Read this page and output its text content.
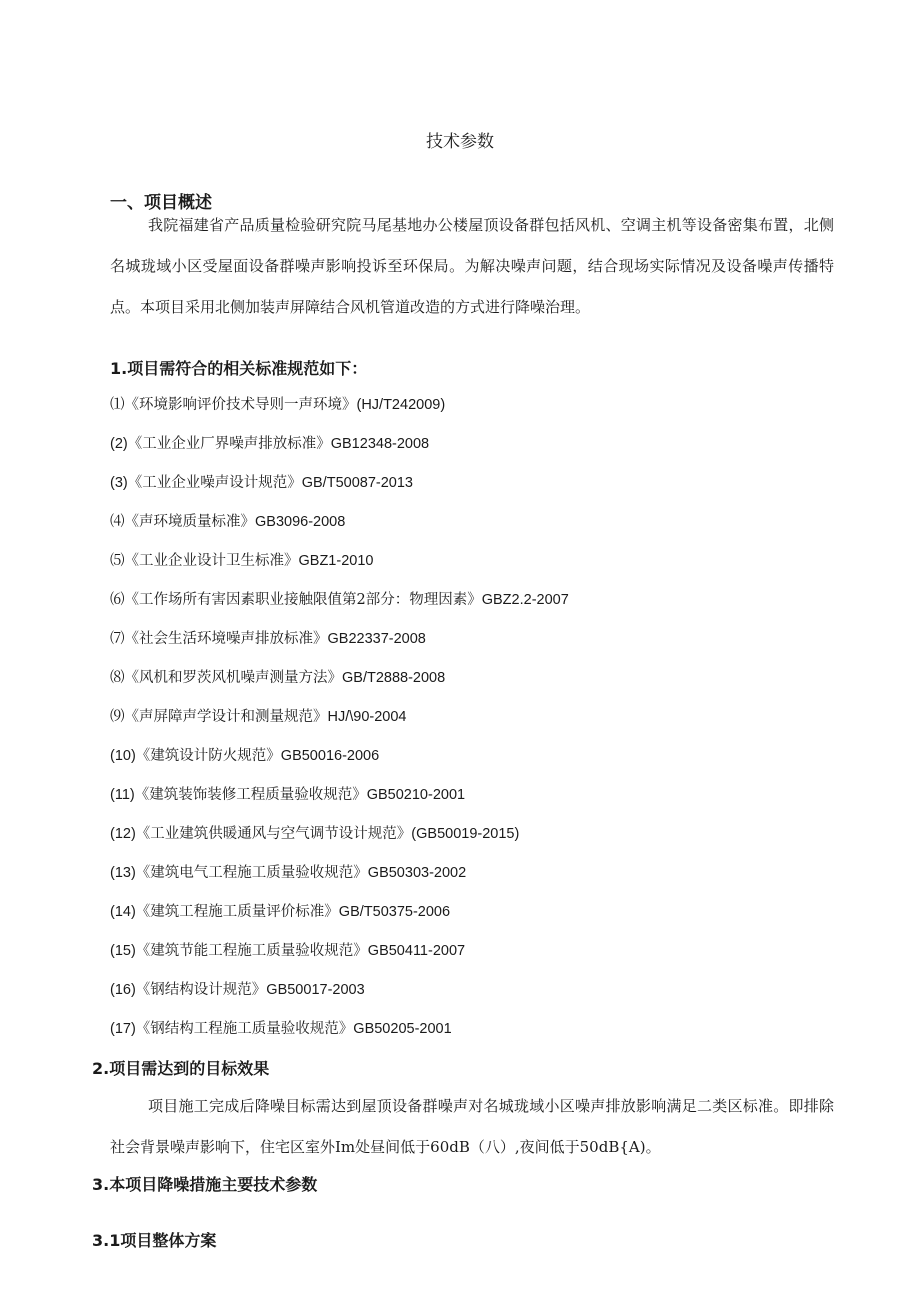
技术参数
一、项目概述

我院福建省产品质量检验研究院马尾基地办公楼屋顶设备群包括风机、空调主机等设备密集布置，北侧名城珑域小区受屋面设备群噪声影响投诉至环保局。为解决噪声问题，结合现场实际情况及设备噪声传播特点。本项目采用北侧加装声屏障结合风机管道改造的方式进行降噪治理。

1.项目需符合的相关标准规范如下：
⑴《环境影响评价技术导则一声环境》(HJ/T242009)
(2)《工业企业厂界噪声排放标准》GB12348-2008
(3)《工业企业噪声设计规范》GB/T50087-2013
⑷《声环境质量标准》GB3096-2008
⑸《工业企业设计卫生标准》GBZ1-2010
⑹《工作场所有害因素职业接触限值第2部分：物理因素》GBZ2.2-2007
⑺《社会生活环境噪声排放标准》GB22337-2008
⑻《风机和罗茨风机噪声测量方法》GB/T2888-2008
⑼《声屏障声学设计和测量规范》HJ/\90-2004
(10)《建筑设计防火规范》GB50016-2006
(11)《建筑装饰装修工程质量验收规范》GB50210-2001
(12)《工业建筑供暖通风与空气调节设计规范》(GB50019-2015)
(13)《建筑电气工程施工质量验收规范》GB50303-2002
(14)《建筑工程施工质量评价标准》GB/T50375-2006
(15)《建筑节能工程施工质量验收规范》GB50411-2007
(16)《钢结构设计规范》GB50017-2003
(17)《钢结构工程施工质量验收规范》GB50205-2001
2.项目需达到的目标效果

项目施工完成后降噪目标需达到屋顶设备群噪声对名城珑域小区噪声排放影响满足二类区标准。即排除社会背景噪声影响下，住宅区室外Im处昼间低于60dB（八）,夜间低于50dB{A)。

3.本项目降噪措施主要技术参数
3.1项目整体方案
